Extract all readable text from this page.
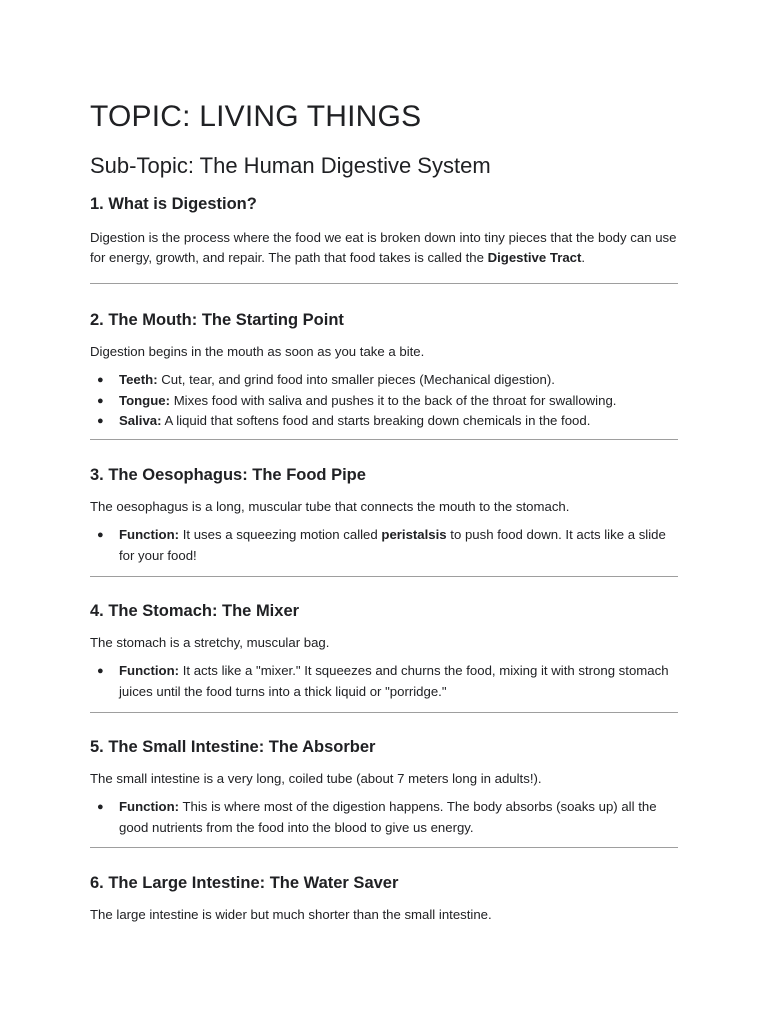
TOPIC: LIVING THINGS
Sub-Topic: The Human Digestive System
1. What is Digestion?

Digestion is the process where the food we eat is broken down into tiny pieces that the body can use for energy, growth, and repair. The path that food takes is called the Digestive Tract.

2. The Mouth: The Starting Point

Digestion begins in the mouth as soon as you take a bite.

● Teeth: Cut, tear, and grind food into smaller pieces (Mechanical digestion).
● Tongue: Mixes food with saliva and pushes it to the back of the throat for swallowing.
● Saliva: A liquid that softens food and starts breaking down chemicals in the food.
3. The Oesophagus: The Food Pipe

The oesophagus is a long, muscular tube that connects the mouth to the stomach.

● Function: It uses a squeezing motion called peristalsis to push food down. It acts like a slide for your food!
4. The Stomach: The Mixer

The stomach is a stretchy, muscular bag.

● Function: It acts like a "mixer." It squeezes and churns the food, mixing it with strong stomach juices until the food turns into a thick liquid or "porridge."
5. The Small Intestine: The Absorber

The small intestine is a very long, coiled tube (about 7 meters long in adults!).

● Function: This is where most of the digestion happens. The body absorbs (soaks up) all the good nutrients from the food into the blood to give us energy.
6. The Large Intestine: The Water Saver

The large intestine is wider but much shorter than the small intestine.
